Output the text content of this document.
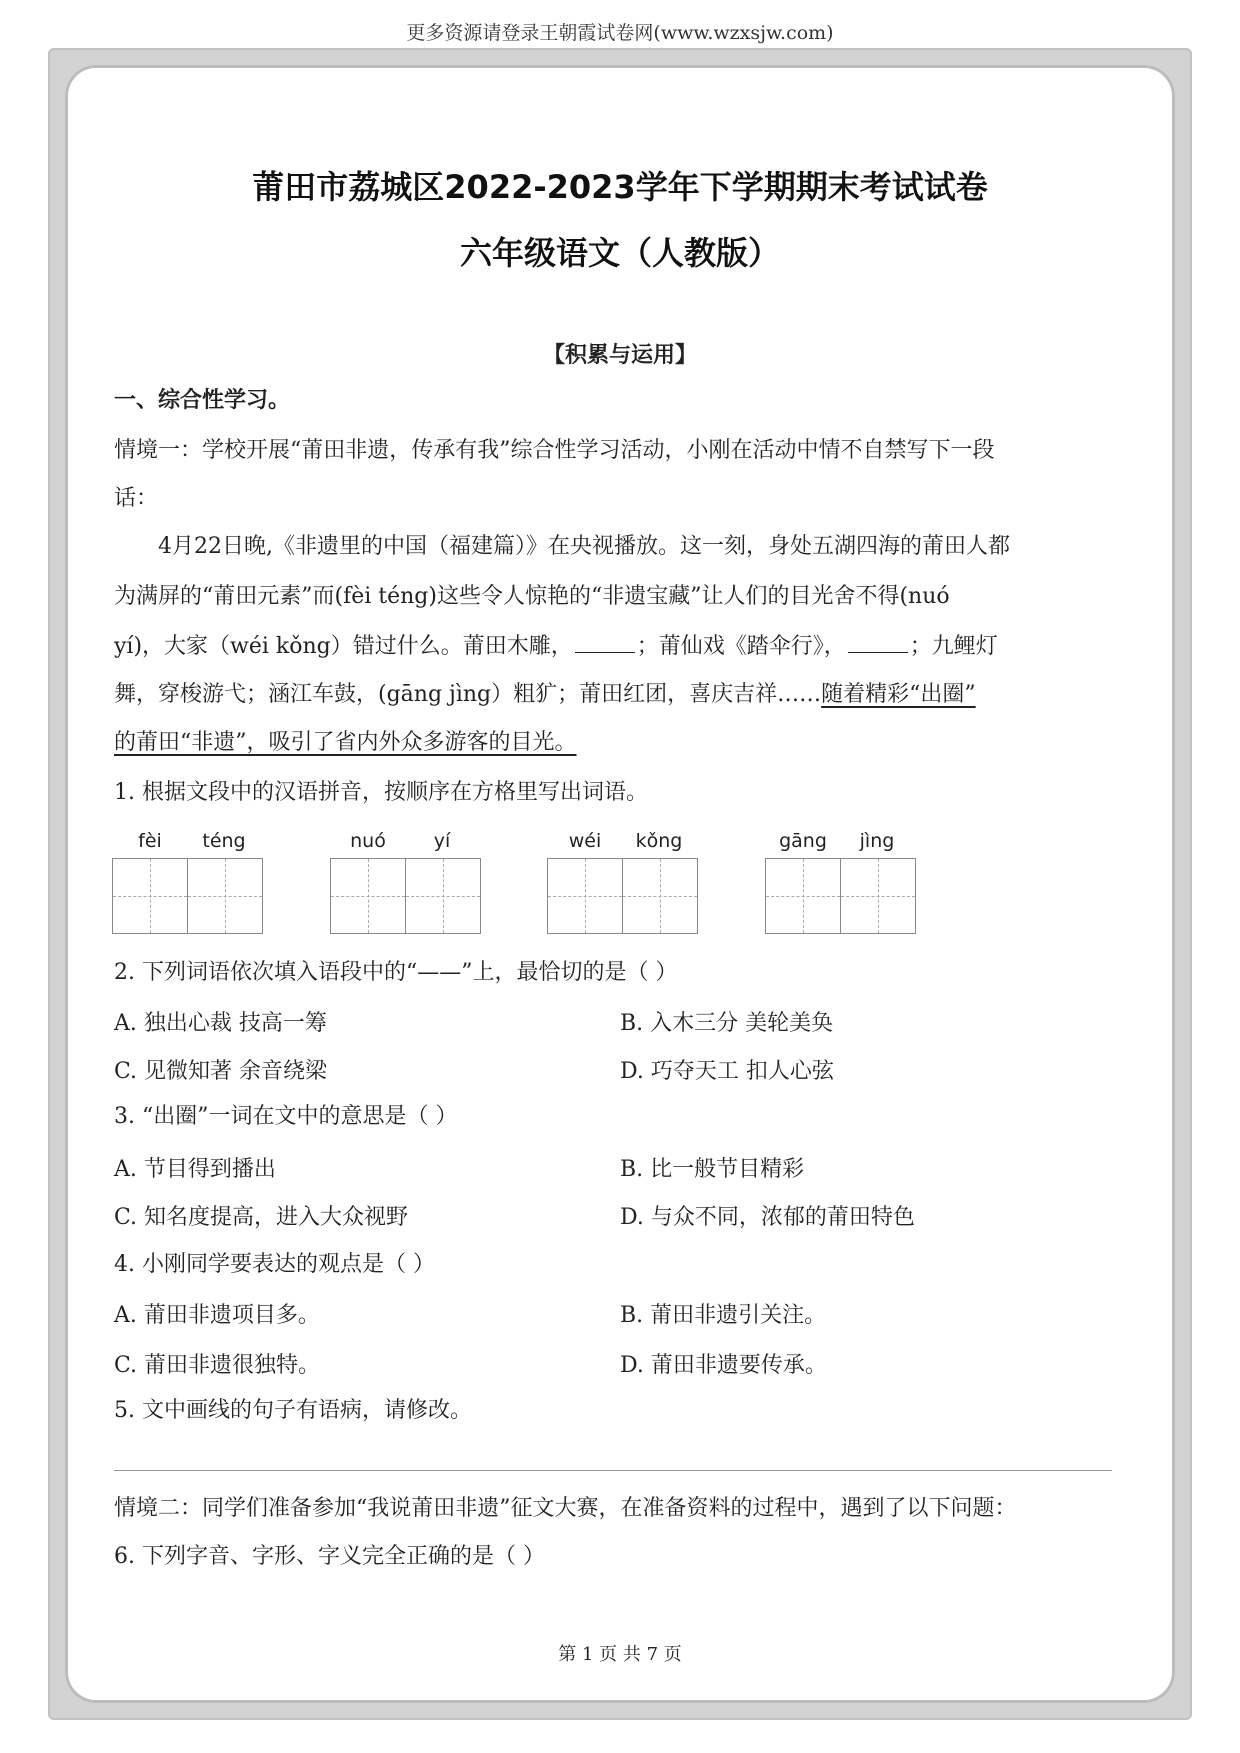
更多资源请登录王朝霞试卷网(www.wzxsjw.com)
莆田市荔城区2022-2023学年下学期期末考试试卷
六年级语文（人教版）
【积累与运用】
一、综合性学习。
情境一：学校开展“莆田非遗，传承有我”综合性学习活动，小刚在活动中情不自禁写下一段
话：
4月22日晚,《非遗里的中国（福建篇）》在央视播放。这一刻，身处五湖四海的莆田人都
为满屏的“莆田元素”而(fèi téng)这些令人惊艳的“非遗宝藏”让人们的目光舍不得(nuó
yí)，大家（wéi kǒng）错过什么。莆田木雕，	；莆仙戏《踏伞行》，	；九鲤灯
舞，穿梭游弋；涵江车鼓，(gāng jìng）粗犷；莆田红团，喜庆吉祥……随着精彩“出圈”
的莆田“非遗”，吸引了省内外众多游客的目光。
1. 根据文段中的汉语拼音，按顺序在方格里写出词语。
fèi	téng	nuó	yí	wéi	kǒng	gāng	jìng
2. 下列词语依次填入语段中的“——”上，最恰切的是（ ）
A. 独出心裁 技高一筹	B. 入木三分 美轮美奂
C. 见微知著 余音绕梁	D. 巧夺天工 扣人心弦
3. “出圈”一词在文中的意思是（ ）
A. 节目得到播出	B. 比一般节目精彩
C. 知名度提高，进入大众视野	D. 与众不同，浓郁的莆田特色
4. 小刚同学要表达的观点是（ ）
A. 莆田非遗项目多。	B. 莆田非遗引关注。
C. 莆田非遗很独特。	D. 莆田非遗要传承。
5. 文中画线的句子有语病，请修改。
情境二：同学们准备参加“我说莆田非遗”征文大赛，在准备资料的过程中，遇到了以下问题：
6. 下列字音、字形、字义完全正确的是（ ）
第 1 页 共 7 页
